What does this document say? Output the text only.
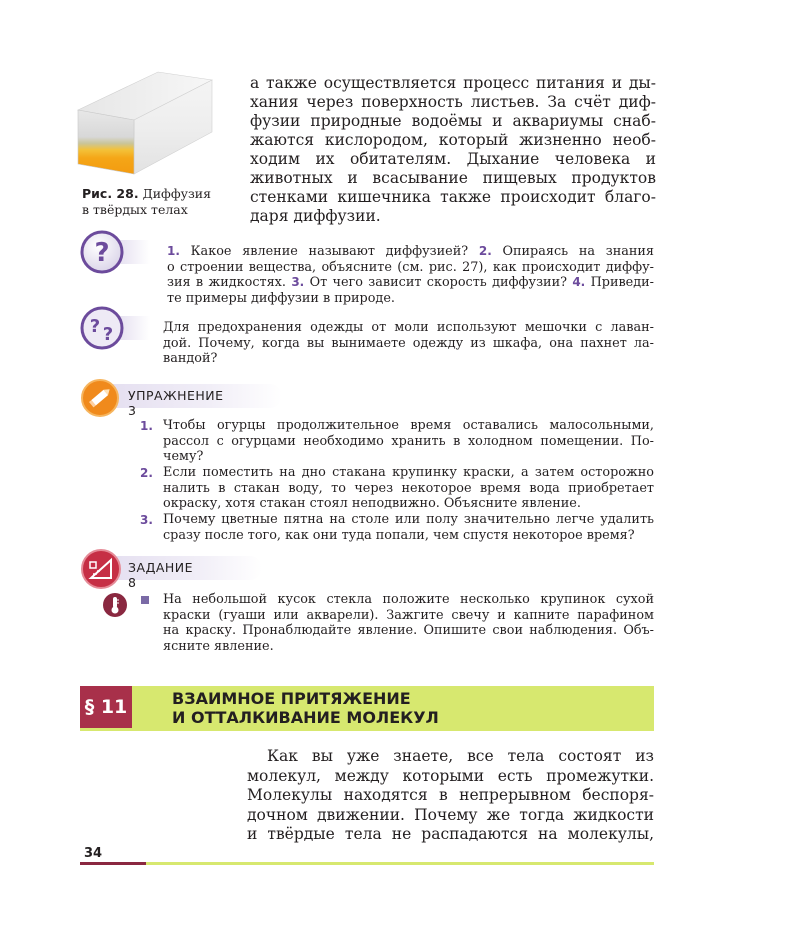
Рис. 28. Диффузия
в твёрдых телах
а также осуществляется процесс питания и ды-
хания через поверхность листьев. За счёт диф-
фузии природные водоёмы и аквариумы снаб-
жаются кислородом, который жизненно необ-
ходим их обитателям. Дыхание человека и
животных и всасывание пищевых продуктов
стенками кишечника также происходит благо-
даря диффузии.
?	1. Какое явление называют диффузией? 2. Опираясь на знания
о строении вещества, объясните (см. рис. 27), как происходит диффу-
зия в жидкостях. 3. От чего зависит скорость диффузии? 4. Приведи-
те примеры диффузии в природе.
? ?	Для предохранения одежды от моли используют мешочки с лаван-
дой. Почему, когда вы вынимаете одежду из шкафа, она пахнет ла-
вандой?
УПРАЖНЕНИЕ 3
1. Чтобы огурцы продолжительное время оставались малосольными,
рассол с огурцами необходимо хранить в холодном помещении. По-
чему?
2. Если поместить на дно стакана крупинку краски, а затем осторожно
налить в стакан воду, то через некоторое время вода приобретает
окраску, хотя стакан стоял неподвижно. Объясните явление.
3. Почему цветные пятна на столе или полу значительно легче удалить
сразу после того, как они туда попали, чем спустя некоторое время?
ЗАДАНИЕ 8
На небольшой кусок стекла положите несколько крупинок сухой
краски (гуаши или акварели). Зажгите свечу и капните парафином
на краску. Пронаблюдайте явление. Опишите свои наблюдения. Объ-
ясните явление.
§ 11	ВЗАИМНОЕ ПРИТЯЖЕНИЕ
И ОТТАЛКИВАНИЕ МОЛЕКУЛ
Как вы уже знаете, все тела состоят из
молекул, между которыми есть промежутки.
Молекулы находятся в непрерывном беспоря-
дочном движении. Почему же тогда жидкости
и твёрдые тела не распадаются на молекулы,
34
